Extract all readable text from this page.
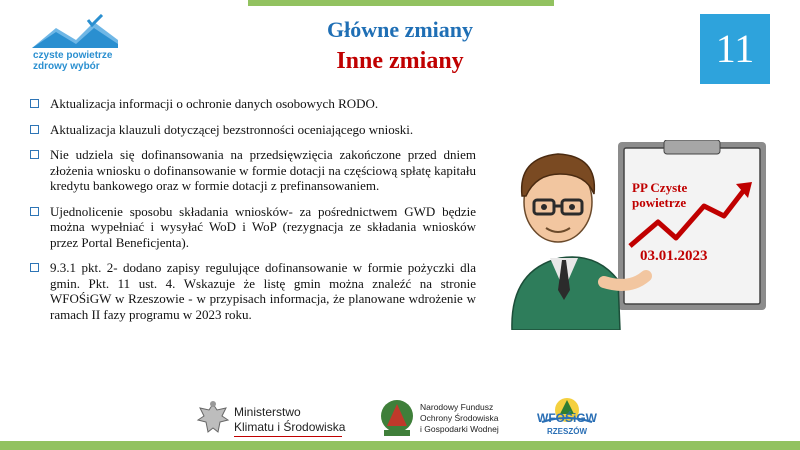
czyste powietrze
zdrowy wybór
Główne zmiany
Inne zmiany	11
Aktualizacja informacji o ochronie danych osobowych RODO.
Aktualizacja klauzuli dotyczącej bezstronności oceniającego wnioski.
Nie udziela się dofinansowania na przedsięwzięcia zakończone przed dniem złożenia wniosku o dofinansowanie w formie dotacji na częściową spłatę kapitału kredytu bankowego oraz w formie dotacji z prefinansowaniem.
Ujednolicenie sposobu składania wniosków- za pośrednictwem GWD będzie można wypełniać i wysyłać WoD i WoP (rezygnacja ze składania wniosków przez Portal Beneficjenta).
9.3.1 pkt. 2- dodano zapisy regulujące dofinansowanie w formie pożyczki dla gmin. Pkt. 11 ust. 4. Wskazuje że listę gmin można znaleźć na stronie WFOŚiGW w Rzeszowie - w przypisach informacja, że planowane wdrożenie w ramach II fazy programu w 2023 roku.
PP Czyste
powietrze
03.01.2023
Ministerstwo
Klimatu i Środowiska
Narodowy Fundusz
Ochrony Środowiska
i Gospodarki Wodnej
WFOŚiGW
RZESZÓW
